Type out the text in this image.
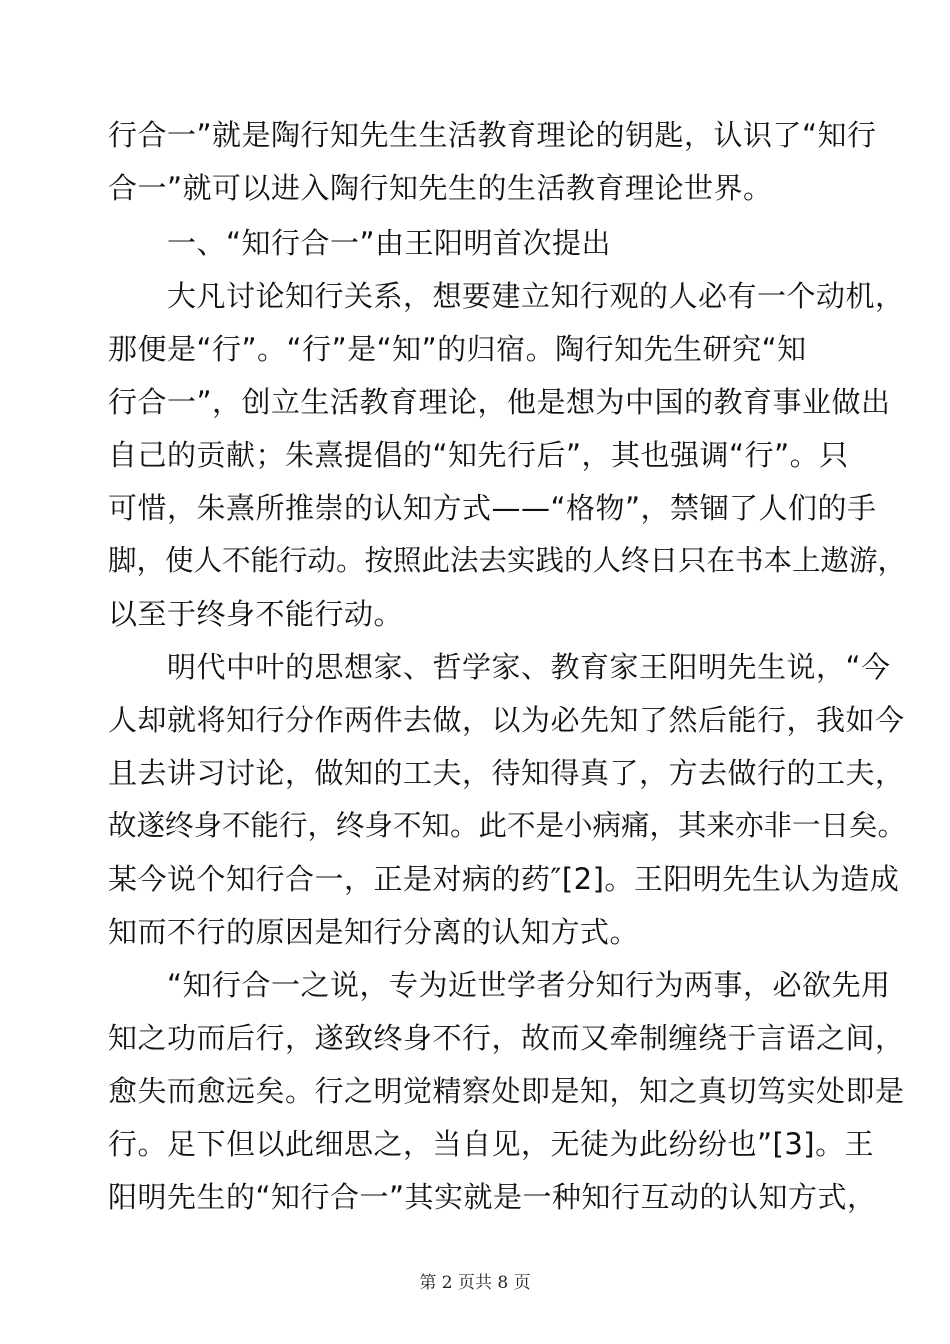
行合一”就是陶行知先生生活教育理论的钥匙，认识了“知行
合一”就可以进入陶行知先生的生活教育理论世界。
　　一、“知行合一”由王阳明首次提出
　　大凡讨论知行关系，想要建立知行观的人必有一个动机，
那便是“行”。“行”是“知”的归宿。陶行知先生研究“知
行合一”，创立生活教育理论，他是想为中国的教育事业做出
自己的贡献；朱熹提倡的“知先行后”，其也强调“行”。只
可惜，朱熹所推崇的认知方式——“格物”，禁锢了人们的手
脚，使人不能行动。按照此法去实践的人终日只在书本上遨游，
以至于终身不能行动。
　　明代中叶的思想家、哲学家、教育家王阳明先生说，“今
人却就将知行分作两件去做，以为必先知了然后能行，我如今
且去讲习讨论，做知的工夫，待知得真了，方去做行的工夫，
故遂终身不能行，终身不知。此不是小病痛，其来亦非一日矣。
某今说个知行合一，正是对病的药″[2]。王阳明先生认为造成
知而不行的原因是知行分离的认知方式。
　　“知行合一之说，专为近世学者分知行为两事，必欲先用
知之功而后行，遂致终身不行，故而又牵制缠绕于言语之间，
愈失而愈远矣。行之明觉精察处即是知，知之真切笃实处即是
行。足下但以此细思之，当自见，无徒为此纷纷也”[3]。王
阳明先生的“知行合一”其实就是一种知行互动的认知方式，
第 2 页共 8 页
